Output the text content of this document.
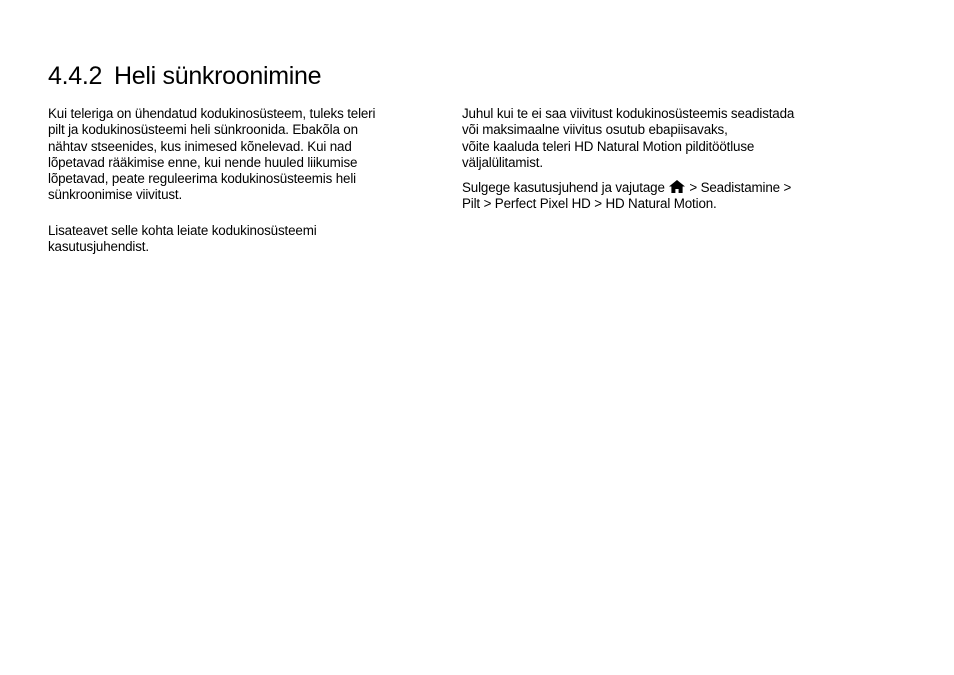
4.4.2 Heli sünkroonimine

Kui teleriga on ühendatud kodukinosüsteem, tuleks teleri
pilt ja kodukinosüsteemi heli sünkroonida. Ebakõla on
nähtav stseenides, kus inimesed kõnelevad. Kui nad
lõpetavad rääkimise enne, kui nende huuled liikumise
lõpetavad, peate reguleerima kodukinosüsteemis heli
sünkroonimise viivitust.

Lisateavet selle kohta leiate kodukinosüsteemi
kasutusjuhendist.

Juhul kui te ei saa viivitust kodukinosüsteemis seadistada
või maksimaalne viivitus osutub ebapiisavaks,
võite kaaluda teleri HD Natural Motion pilditöötluse
väljalülitamist.

Sulgege kasutusjuhend ja vajutage > Seadistamine >
Pilt > Perfect Pixel HD > HD Natural Motion.
